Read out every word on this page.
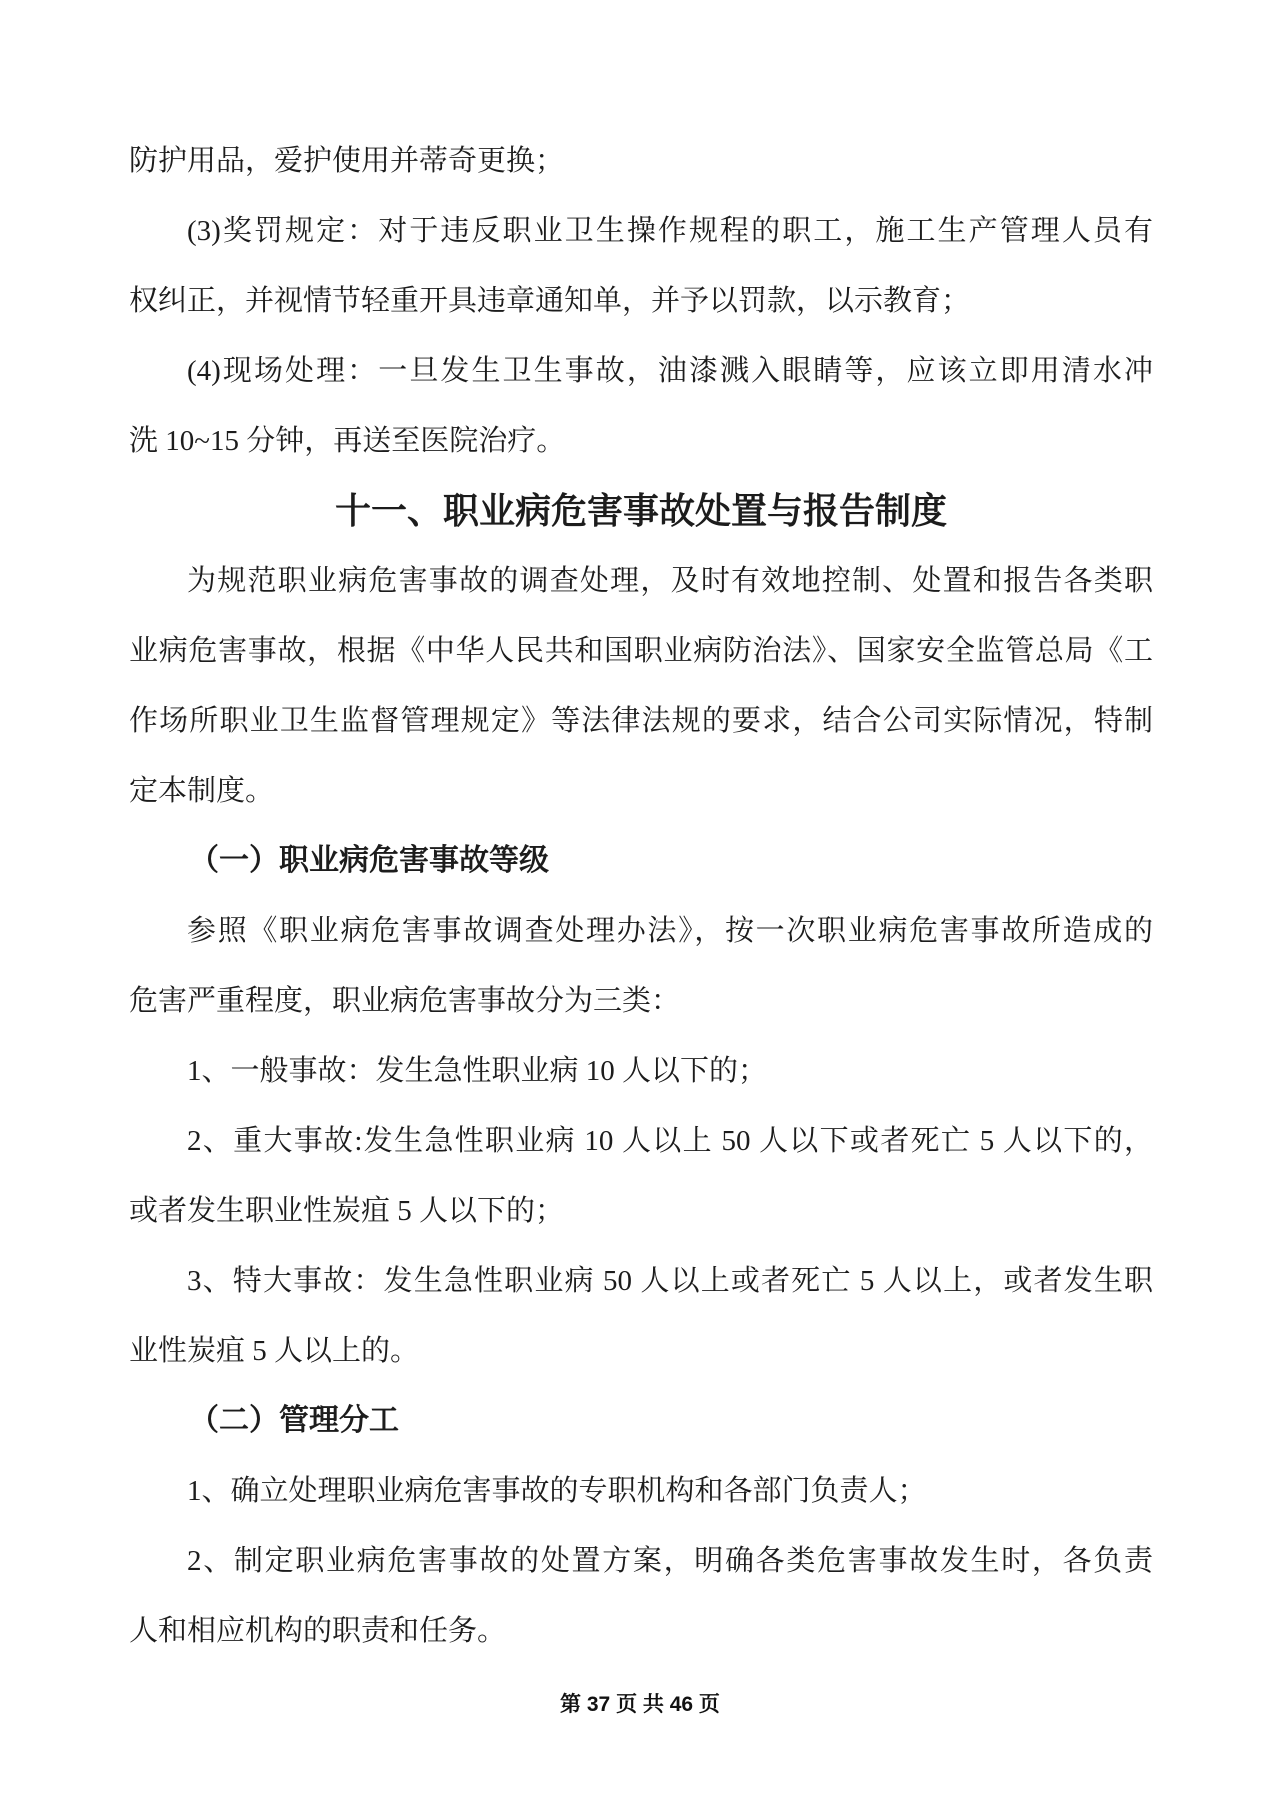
防护用品，爱护使用并蒂奇更换；
(3)奖罚规定：对于违反职业卫生操作规程的职工，施工生产管理人员有
权纠正，并视情节轻重开具违章通知单，并予以罚款，以示教育；
(4)现场处理：一旦发生卫生事故，油漆溅入眼睛等，应该立即用清水冲
洗 10~15 分钟，再送至医院治疗。
十一、职业病危害事故处置与报告制度
为规范职业病危害事故的调查处理，及时有效地控制、处置和报告各类职
业病危害事故，根据《中华人民共和国职业病防治法》、国家安全监管总局《工
作场所职业卫生监督管理规定》等法律法规的要求，结合公司实际情况，特制
定本制度。
（一）职业病危害事故等级
参照《职业病危害事故调查处理办法》，按一次职业病危害事故所造成的
危害严重程度，职业病危害事故分为三类：
1、一般事故：发生急性职业病 10 人以下的；
2、重大事故:发生急性职业病 10 人以上 50 人以下或者死亡 5 人以下的，
或者发生职业性炭疽 5 人以下的；
3、特大事故：发生急性职业病 50 人以上或者死亡 5 人以上，或者发生职
业性炭疽 5 人以上的。
（二）管理分工
1、确立处理职业病危害事故的专职机构和各部门负责人；
2、制定职业病危害事故的处置方案，明确各类危害事故发生时，各负责
人和相应机构的职责和任务。
第 37 页 共 46 页
